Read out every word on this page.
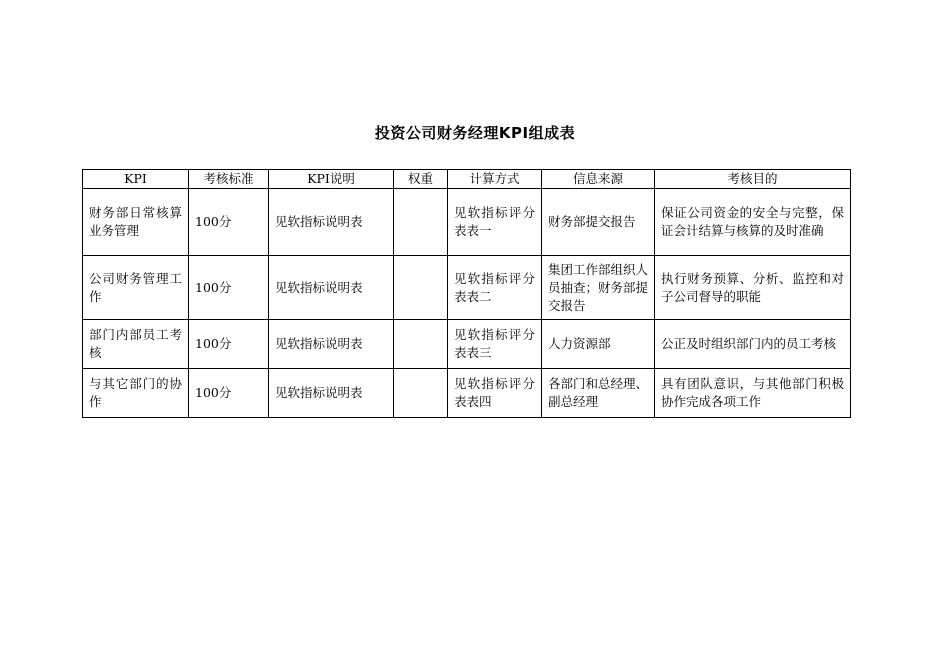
投资公司财务经理KPI组成表
KPI	考核标准	KPI说明	权重	计算方式	信息来源	考核目的
财务部日常核算业务管理	100分	见软指标说明表		见软指标评分表表一	财务部提交报告	保证公司资金的安全与完整，保证会计结算与核算的及时准确
公司财务管理工作	100分	见软指标说明表		见软指标评分表表二	集团工作部组织人员抽查；财务部提交报告	执行财务预算、分析、监控和对子公司督导的职能
部门内部员工考核	100分	见软指标说明表		见软指标评分表表三	人力资源部	公正及时组织部门内的员工考核
与其它部门的协作	100分	见软指标说明表		见软指标评分表表四	各部门和总经理、副总经理	具有团队意识，与其他部门积极协作完成各项工作
